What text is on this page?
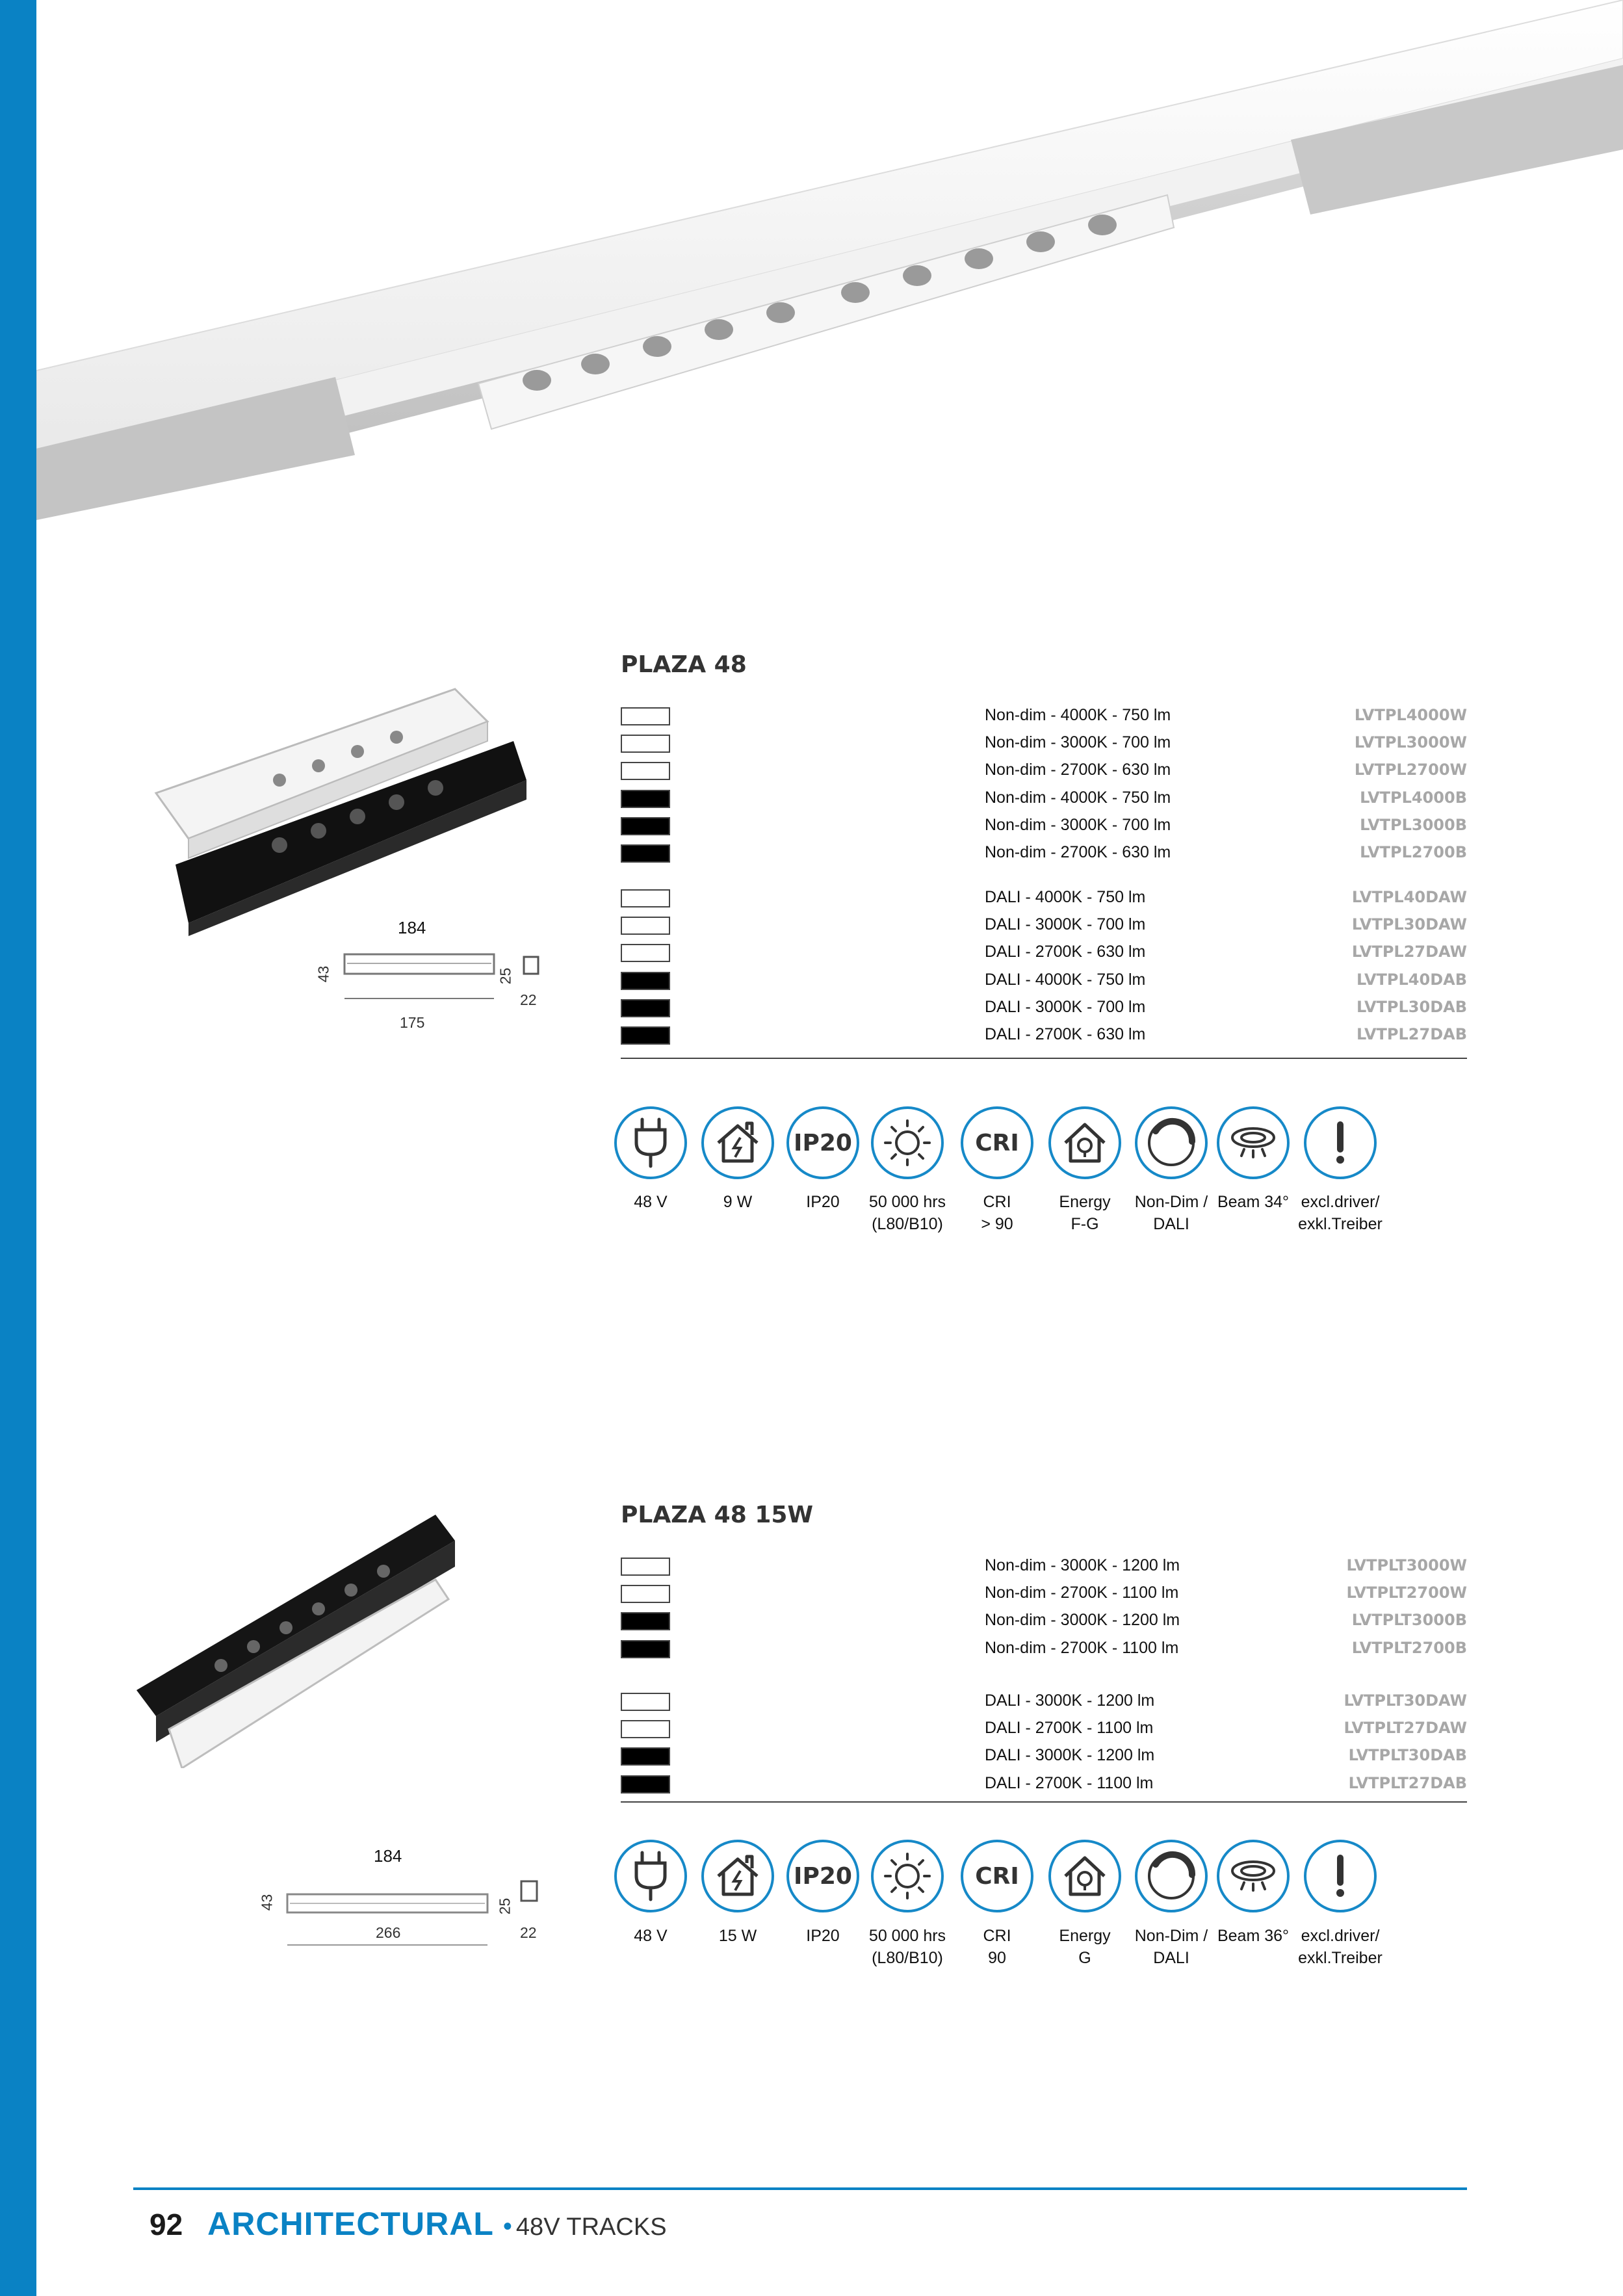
PLAZA 48
184
43
175
25
22
Non-dim - 4000K - 750 lm	LVTPL4000W
Non-dim - 3000K - 700 lm	LVTPL3000W
Non-dim - 2700K - 630 lm	LVTPL2700W
Non-dim - 4000K - 750 lm	LVTPL4000B
Non-dim - 3000K - 700 lm	LVTPL3000B
Non-dim - 2700K - 630 lm	LVTPL2700B
DALI - 4000K - 750 lm	LVTPL40DAW
DALI - 3000K - 700 lm	LVTPL30DAW
DALI - 2700K - 630 lm	LVTPL27DAW
DALI - 4000K - 750 lm	LVTPL40DAB
DALI - 3000K - 700 lm	LVTPL30DAB
DALI - 2700K - 630 lm	LVTPL27DAB
48 V	9 W
IP20
IP20	50 000 hrs
(L80/B10)
CRI
CRI
> 90
Energy
F-G
Non-Dim /
DALI
Beam 34° excl.driver/
exkl.Treiber
PLAZA 48 15W
184
43
266
25
22
Non-dim - 3000K - 1200 lm	LVTPLT3000W
Non-dim - 2700K - 1100 lm	LVTPLT2700W
Non-dim - 3000K - 1200 lm	LVTPLT3000B
Non-dim - 2700K - 1100 lm	LVTPLT2700B
DALI - 3000K - 1200 lm	LVTPLT30DAW
DALI - 2700K - 1100 lm	LVTPLT27DAW
DALI - 3000K - 1200 lm	LVTPLT30DAB
DALI - 2700K - 1100 lm	LVTPLT27DAB
48 V	15 W
IP20
IP20	50 000 hrs
(L80/B10)
CRI
CRI
90
Energy
G
Non-Dim /
DALI
Beam 36° excl.driver/
exkl.Treiber
92 ARCHITECTURAL • 48V TRACKS
